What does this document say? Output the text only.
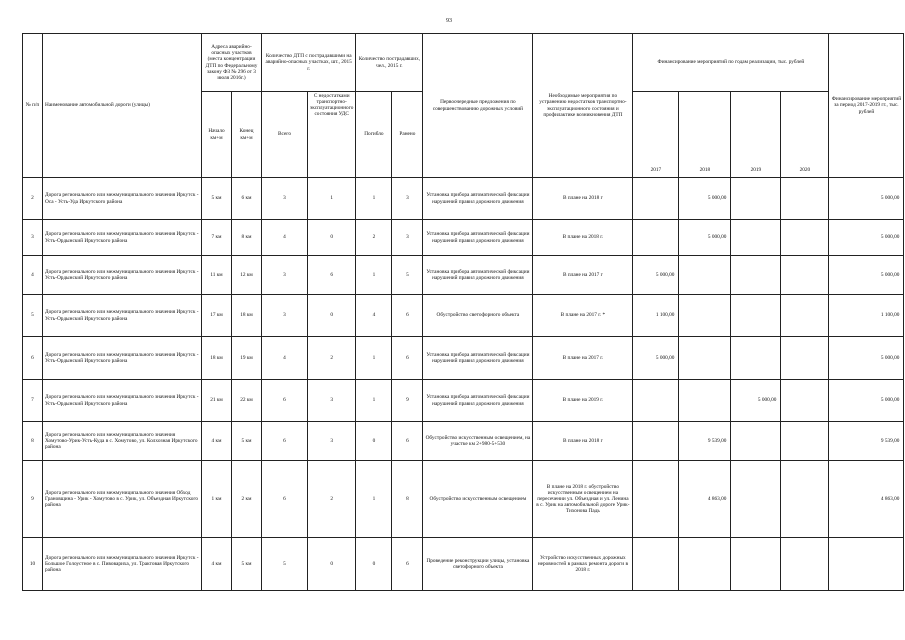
93
№ п/п	Наименование автомобильной дороги (улицы)	Адреса аварийно-опасных участков (места концентрации ДТП по Федеральному закону ФЗ № 296 от 3 июля 2016г.)		Количество ДТП с пострадавшими на аварийно-опасных участках, шт., 2015 г.		Количество пострадавших, чел., 2015 г.		Первоочередные предложения по совершенствованию дорожных условий	Необходимые мероприятия по устранению недостатков транспортно-эксплуатационного состояния и профилактике возникновения ДТП	Финансирование мероприятий по годам реализации, тыс. рублей				Финансирование мероприятий за период 2017-2019 гг., тыс. рублей
		Начало км+м	Конец км+м	Всего	С недостатками транспортно-эксплуатационного состояния УДС	Погибло	Ранено			2017	2018	2019	2020	
2	Дорога регионального или межмуниципального значения Иркутск - Оса - Усть-Уда Иркутского района	5 км	6 км	3	1	1	3	Установка прибора автоматической фиксации нарушений правил дорожного движения	В плане на 2018 г		5 000,00			5 000,00
3	Дорога регионального или межмуниципального значения Иркутск - Усть-Ордынский Иркутского района	7 км	8 км	4	0	2	3	Установка прибора автоматической фиксации нарушений правил дорожного движения	В плане на 2018 г.		5 000,00			5 000,00
4	Дорога регионального или межмуниципального значения Иркутск - Усть-Ордынский Иркутского района	11 км	12 км	3	6	1	5	Установка прибора автоматической фиксации нарушений правил дорожного движения	В плане на 2017 г	5 000,00				5 000,00
5	Дорога регионального или межмуниципального значения Иркутск - Усть-Ордынский Иркутского района	17 км	18 км	3	0	4	6	Обустройство светофорного объекта	В плане на 2017 г. *	1 100,00				1 100,00
6	Дорога регионального или межмуниципального значения Иркутск - Усть-Ордынский Иркутского района	18 км	19 км	4	2	1	6	Установка прибора автоматической фиксации нарушений правил дорожного движения	В плане на 2017 г.	5 000,00				5 000,00
7	Дорога регионального или межмуниципального значения Иркутск - Усть-Ордынский Иркутского района	21 км	22 км	6	3	1	9	Установка прибора автоматической фиксации нарушений правил дорожного движения	В плане на 2019 г.			5 000,00		5 000,00
8	Дорога регионального или межмуниципального значения Хомутово-Урик-Усть-Куда в с. Хомутово, ул. Колхозная Иркутского района	4 км	5 км	6	3	0	6	Обустройство искусственным освещением, на участке км 2+980-5+530	В плане на 2018 г		9 539,00			9 539,00
9	Дорога регионального или межмуниципального значения Обход Грановщина - Урик - Хомутово в с. Урик, ул. Объездная Иркутского района	1 км	2 км	6	2	1	8	Обустройство искусственным освещением	В плане на 2018 г. обустройство искусственным освещением на пересечении ул. Объездная и ул. Ленина в с. Урик на автомобильной дороге Урик-Тихонова Падь		4 863,00			4 863,00
10	Дорога регионального или межмуниципального значения Иркутск - Большое Голоустное в с. Пивовариха, ул. Трактовая Иркутского района	4 км	5 км	5	0	0	6	Проведение реконструкции улицы, установка светофорного объекта	Устройство искусственных дорожных неровностей в рамках ремонта дороги в 2018 г.					
